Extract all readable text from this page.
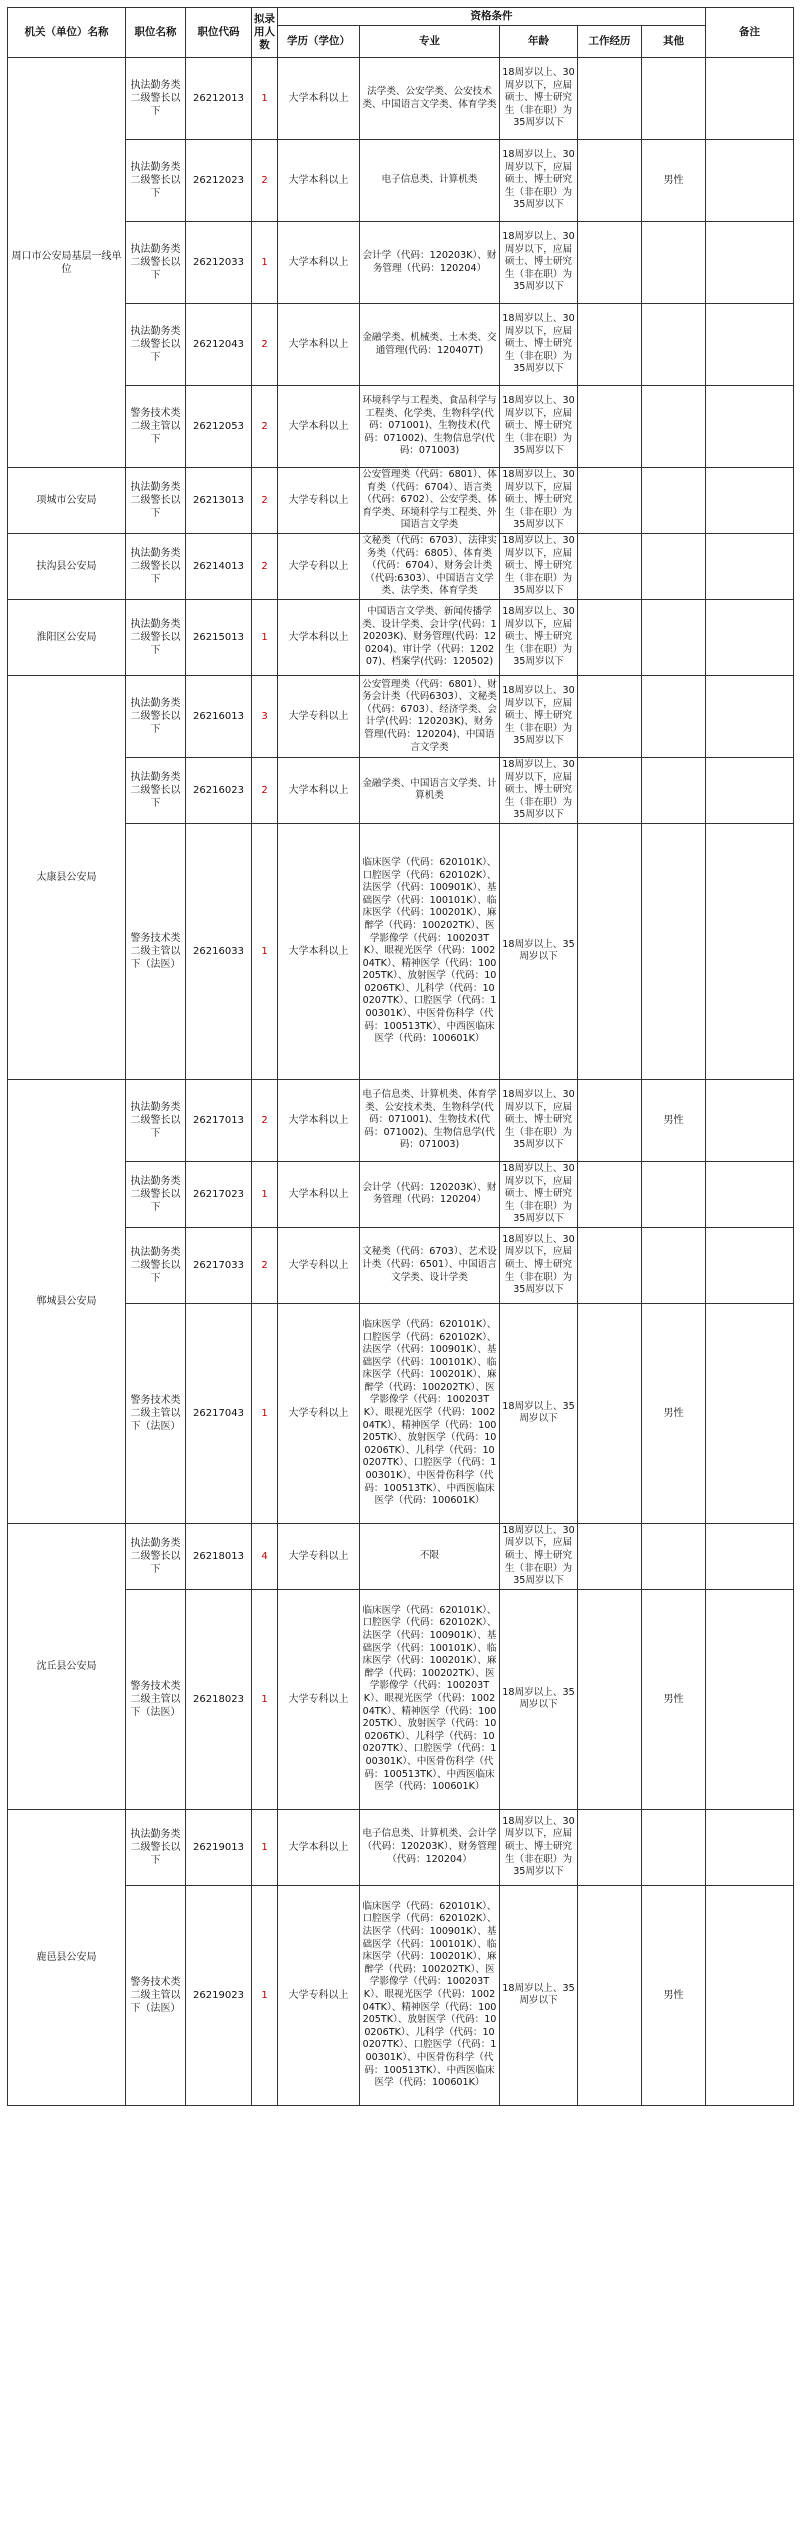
机关（单位）名称	职位名称	职位代码	拟录用人数	资格条件					备注
				学历（学位）	专业	年龄	工作经历	其他	
周口市公安局基层一线单位	执法勤务类二级警长以下	26212013	1	大学本科以上	法学类、公安学类、公安技术类、中国语言文学类、体育学类	18周岁以上、30周岁以下，应届硕士、博士研究生（非在职）为35周岁以下			
	执法勤务类二级警长以下	26212023	2	大学本科以上	电子信息类、计算机类	18周岁以上、30周岁以下，应届硕士、博士研究生（非在职）为35周岁以下		男性	
	执法勤务类二级警长以下	26212033	1	大学本科以上	会计学（代码：120203K）、财务管理（代码：120204）	18周岁以上、30周岁以下，应届硕士、博士研究生（非在职）为35周岁以下			
	执法勤务类二级警长以下	26212043	2	大学本科以上	金融学类、机械类、土木类、交通管理(代码：120407T)	18周岁以上、30周岁以下，应届硕士、博士研究生（非在职）为35周岁以下			
	警务技术类二级主管以下	26212053	2	大学本科以上	环境科学与工程类、食品科学与工程类、化学类、生物科学(代码：071001)、生物技术(代码：071002)、生物信息学(代码：071003)	18周岁以上、30周岁以下，应届硕士、博士研究生（非在职）为35周岁以下			
项城市公安局	执法勤务类二级警长以下	26213013	2	大学专科以上	公安管理类（代码：6801）、体育类（代码：6704）、语言类（代码：6702）、公安学类、体育学类、环境科学与工程类、外国语言文学类	18周岁以上、30周岁以下，应届硕士、博士研究生（非在职）为35周岁以下			
扶沟县公安局	执法勤务类二级警长以下	26214013	2	大学专科以上	文秘类（代码：6703）、法律实务类（代码：6805）、体育类（代码：6704）、财务会计类（代码:6303）、中国语言文学类、法学类、体育学类	18周岁以上、30周岁以下，应届硕士、博士研究生（非在职）为35周岁以下			
淮阳区公安局	执法勤务类二级警长以下	26215013	1	大学本科以上	中国语言文学类、新闻传播学类、设计学类、会计学(代码：120203K)、财务管理(代码：120204)、审计学（代码：120207)、档案学(代码：120502)	18周岁以上、30周岁以下，应届硕士、博士研究生（非在职）为35周岁以下			
太康县公安局	执法勤务类二级警长以下	26216013	3	大学专科以上	公安管理类（代码：6801）、财务会计类（代码6303）、文秘类（代码：6703）、经济学类、会计学(代码：120203K)、财务管理(代码：120204)、中国语言文学类	18周岁以上、30周岁以下，应届硕士、博士研究生（非在职）为35周岁以下			
	执法勤务类二级警长以下	26216023	2	大学本科以上	金融学类、中国语言文学类、计算机类	18周岁以上、30周岁以下，应届硕士、博士研究生（非在职）为35周岁以下			
	警务技术类二级主管以下（法医）	26216033	1	大学本科以上	临床医学（代码：620101K）、口腔医学（代码：620102K）、法医学（代码：100901K）、基础医学（代码：100101K）、临床医学（代码：100201K）、麻醉学（代码：100202TK）、医学影像学（代码：100203TK）、眼视光医学（代码：100204TK）、精神医学（代码：100205TK）、放射医学（代码：100206TK）、儿科学（代码：100207TK）、口腔医学（代码：100301K）、中医骨伤科学（代码：100513TK）、中西医临床医学（代码：100601K）	18周岁以上、35周岁以下			
郸城县公安局	执法勤务类二级警长以下	26217013	2	大学本科以上	电子信息类、计算机类、体育学类、公安技术类、生物科学(代码：071001)、生物技术(代码：071002)、生物信息学(代码：071003)	18周岁以上、30周岁以下，应届硕士、博士研究生（非在职）为35周岁以下		男性	
	执法勤务类二级警长以下	26217023	1	大学本科以上	会计学（代码：120203K）、财务管理（代码：120204）	18周岁以上、30周岁以下，应届硕士、博士研究生（非在职）为35周岁以下			
	执法勤务类二级警长以下	26217033	2	大学专科以上	文秘类（代码：6703）、艺术设计类（代码：6501）、中国语言文学类、设计学类	18周岁以上、30周岁以下，应届硕士、博士研究生（非在职）为35周岁以下			
	警务技术类二级主管以下（法医）	26217043	1	大学专科以上	临床医学（代码：620101K）、口腔医学（代码：620102K）、法医学（代码：100901K）、基础医学（代码：100101K）、临床医学（代码：100201K）、麻醉学（代码：100202TK）、医学影像学（代码：100203TK）、眼视光医学（代码：100204TK）、精神医学（代码：100205TK）、放射医学（代码：100206TK）、儿科学（代码：100207TK）、口腔医学（代码：100301K）、中医骨伤科学（代码：100513TK）、中西医临床医学（代码：100601K）	18周岁以上、35周岁以下		男性	
沈丘县公安局	执法勤务类二级警长以下	26218013	4	大学专科以上	不限	18周岁以上、30周岁以下，应届硕士、博士研究生（非在职）为35周岁以下			
	警务技术类二级主管以下（法医）	26218023	1	大学专科以上	临床医学（代码：620101K）、口腔医学（代码：620102K）、法医学（代码：100901K）、基础医学（代码：100101K）、临床医学（代码：100201K）、麻醉学（代码：100202TK）、医学影像学（代码：100203TK）、眼视光医学（代码：100204TK）、精神医学（代码：100205TK）、放射医学（代码：100206TK）、儿科学（代码：100207TK）、口腔医学（代码：100301K）、中医骨伤科学（代码：100513TK）、中西医临床医学（代码：100601K）	18周岁以上、35周岁以下		男性	
鹿邑县公安局	执法勤务类二级警长以下	26219013	1	大学本科以上	电子信息类、计算机类、会计学（代码：120203K）、财务管理（代码：120204）	18周岁以上、30周岁以下，应届硕士、博士研究生（非在职）为35周岁以下			
	警务技术类二级主管以下（法医）	26219023	1	大学专科以上	临床医学（代码：620101K）、口腔医学（代码：620102K）、法医学（代码：100901K）、基础医学（代码：100101K）、临床医学（代码：100201K）、麻醉学（代码：100202TK）、医学影像学（代码：100203TK）、眼视光医学（代码：100204TK）、精神医学（代码：100205TK）、放射医学（代码：100206TK）、儿科学（代码：100207TK）、口腔医学（代码：100301K）、中医骨伤科学（代码：100513TK）、中西医临床医学（代码：100601K）	18周岁以上、35周岁以下		男性	
